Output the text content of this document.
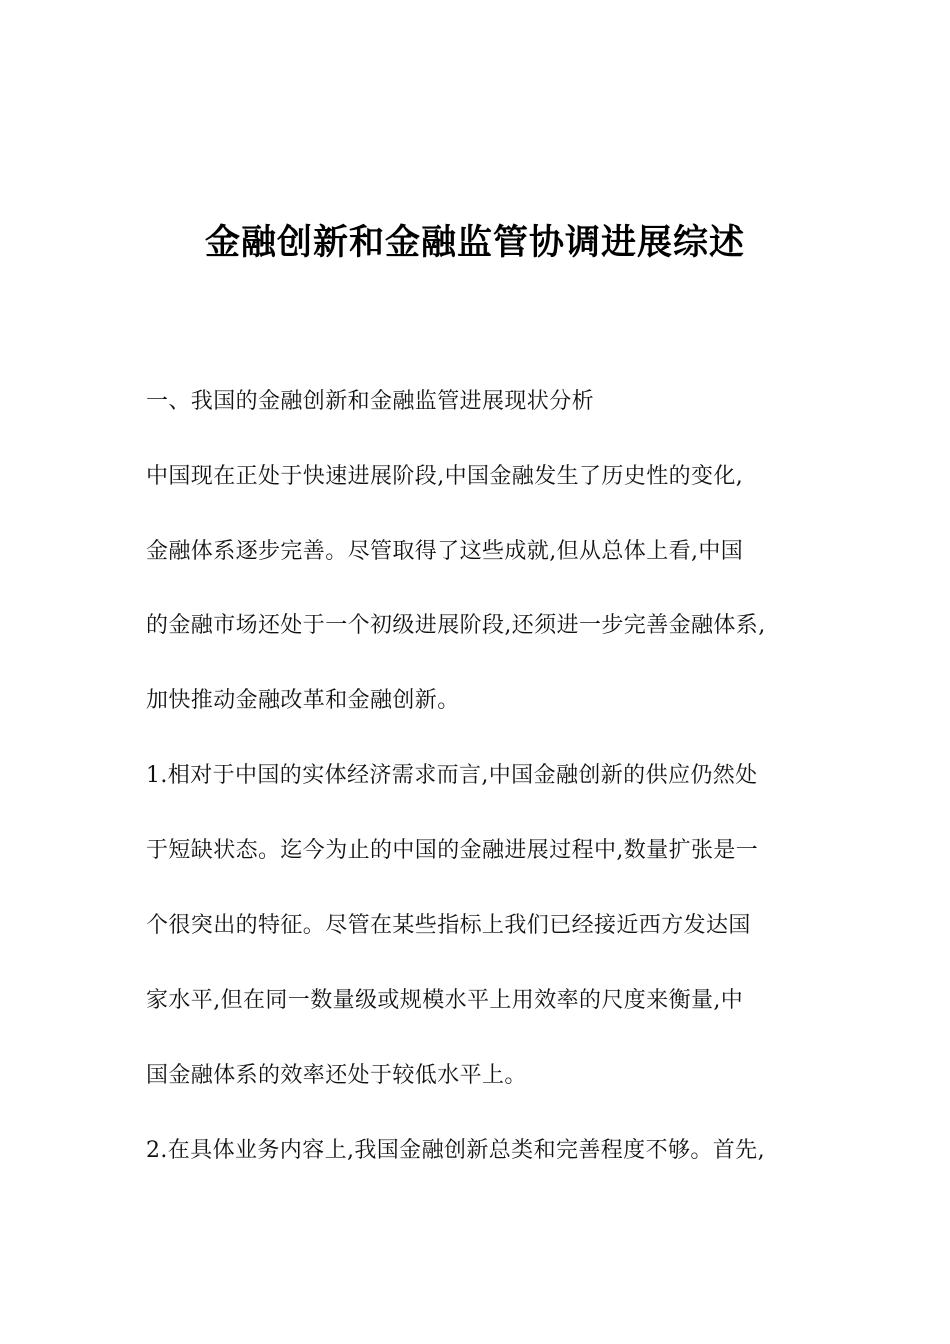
金融创新和金融监管协调进展综述

一、我国的金融创新和金融监管进展现状分析

中国现在正处于快速进展阶段,中国金融发生了历史性的变化,

金融体系逐步完善。尽管取得了这些成就,但从总体上看,中国

的金融市场还处于一个初级进展阶段,还须进一步完善金融体系,

加快推动金融改革和金融创新。

1.相对于中国的实体经济需求而言,中国金融创新的供应仍然处

于短缺状态。迄今为止的中国的金融进展过程中,数量扩张是一

个很突出的特征。尽管在某些指标上我们已经接近西方发达国

家水平,但在同一数量级或规模水平上用效率的尺度来衡量,中

国金融体系的效率还处于较低水平上。

2.在具体业务内容上,我国金融创新总类和完善程度不够。首先,
